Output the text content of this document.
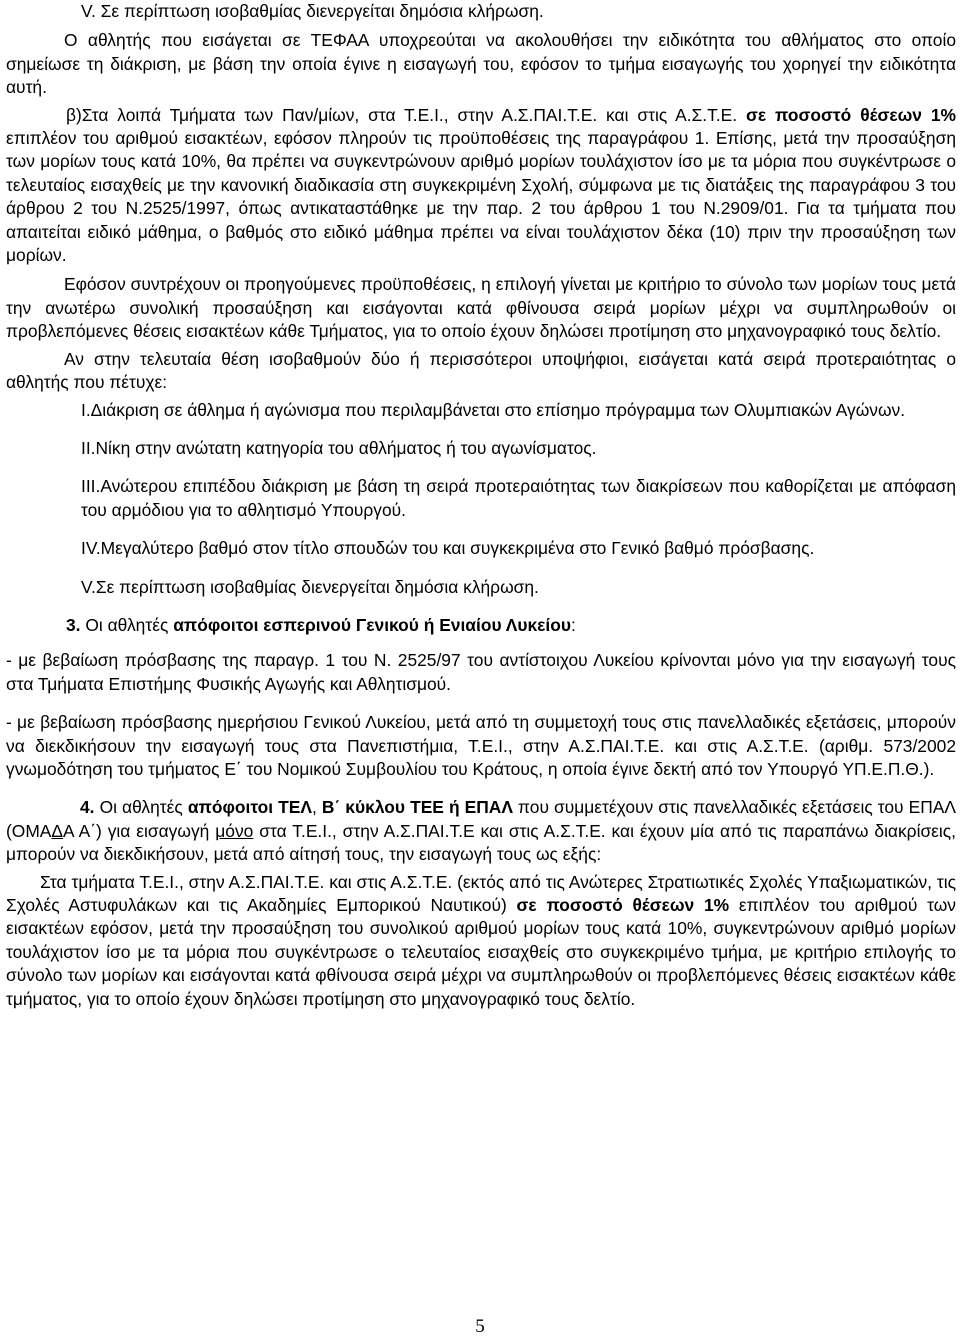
V. Σε περίπτωση ισοβαθμίας διενεργείται δημόσια κλήρωση.

Ο αθλητής που εισάγεται σε ΤΕΦΑΑ υποχρεούται να ακολουθήσει την ειδικότητα του αθλήματος στο οποίο σημείωσε τη διάκριση, με βάση την οποία έγινε η εισαγωγή του, εφόσον το τμήμα εισαγωγής του χορηγεί την ειδικότητα αυτή.

β)Στα λοιπά Τμήματα των Παν/μίων, στα Τ.Ε.Ι., στην Α.Σ.ΠΑΙ.Τ.Ε. και στις Α.Σ.Τ.Ε. σε ποσοστό θέσεων 1% επιπλέον του αριθμού εισακτέων, εφόσον πληρούν τις προϋποθέσεις της παραγράφου 1. Επίσης, μετά την προσαύξηση των μορίων τους κατά 10%, θα πρέπει να συγκεντρώνουν αριθμό μορίων τουλάχιστον ίσο με τα μόρια που συγκέντρωσε ο τελευταίος εισαχθείς με την κανονική διαδικασία στη συγκεκριμένη Σχολή, σύμφωνα με τις διατάξεις της παραγράφου 3 του άρθρου 2 του Ν.2525/1997, όπως αντικαταστάθηκε με την παρ. 2 του άρθρου 1 του Ν.2909/01. Για τα τμήματα που απαιτείται ειδικό μάθημα, ο βαθμός στο ειδικό μάθημα πρέπει να είναι τουλάχιστον δέκα (10) πριν την προσαύξηση των μορίων.

Εφόσον συντρέχουν οι προηγούμενες προϋποθέσεις, η επιλογή γίνεται με κριτήριο το σύνολο των μορίων τους μετά την ανωτέρω συνολική προσαύξηση και εισάγονται κατά φθίνουσα σειρά μορίων μέχρι να συμπληρωθούν οι προβλεπόμενες θέσεις εισακτέων κάθε Τμήματος, για το οποίο έχουν δηλώσει προτίμηση στο μηχανογραφικό τους δελτίο.

Αν στην τελευταία θέση ισοβαθμούν δύο ή περισσότεροι υποψήφιοι, εισάγεται κατά σειρά προτεραιότητας ο αθλητής που πέτυχε:

I.Διάκριση σε άθλημα ή αγώνισμα που περιλαμβάνεται στο επίσημο πρόγραμμα των Ολυμπιακών Αγώνων.

II.Νίκη στην ανώτατη κατηγορία του αθλήματος ή του αγωνίσματος.

III.Ανώτερου επιπέδου διάκριση με βάση τη σειρά προτεραιότητας των διακρίσεων που καθορίζεται με απόφαση του αρμόδιου για το αθλητισμό Υπουργού.

IV.Μεγαλύτερο βαθμό στον τίτλο σπουδών του και συγκεκριμένα στο Γενικό βαθμό πρόσβασης.

V.Σε περίπτωση ισοβαθμίας διενεργείται δημόσια κλήρωση.

3. Οι αθλητές απόφοιτοι εσπερινού Γενικού ή Ενιαίου Λυκείου:

- με βεβαίωση πρόσβασης της παραγρ. 1 του Ν. 2525/97 του αντίστοιχου Λυκείου κρίνονται μόνο για την εισαγωγή τους στα Τμήματα Επιστήμης Φυσικής Αγωγής και Αθλητισμού.

- με βεβαίωση πρόσβασης ημερήσιου Γενικού Λυκείου, μετά από τη συμμετοχή τους στις πανελλαδικές εξετάσεις, μπορούν να διεκδικήσουν την εισαγωγή τους στα Πανεπιστήμια, Τ.Ε.Ι., στην Α.Σ.ΠΑΙ.Τ.Ε. και στις Α.Σ.Τ.Ε. (αριθμ. 573/2002 γνωμοδότηση του τμήματος Ε΄ του Νομικού Συμβουλίου του Κράτους, η οποία έγινε δεκτή από τον Υπουργό ΥΠ.Ε.Π.Θ.).

4. Οι αθλητές απόφοιτοι ΤΕΛ, Β΄ κύκλου ΤΕΕ ή ΕΠΑΛ που συμμετέχουν στις πανελλαδικές εξετάσεις του ΕΠΑΛ (ΟΜΑΔΑ Α΄) για εισαγωγή μόνο στα Τ.Ε.Ι., στην Α.Σ.ΠΑΙ.Τ.Ε και στις Α.Σ.Τ.Ε. και έχουν μία από τις παραπάνω διακρίσεις, μπορούν να διεκδικήσουν, μετά από αίτησή τους, την εισαγωγή τους ως εξής:

Στα τμήματα Τ.Ε.Ι., στην Α.Σ.ΠΑΙ.Τ.Ε. και στις Α.Σ.Τ.Ε. (εκτός από τις Ανώτερες Στρατιωτικές Σχολές Υπαξιωματικών, τις Σχολές Αστυφυλάκων και τις Ακαδημίες Εμπορικού Ναυτικού) σε ποσοστό θέσεων 1% επιπλέον του αριθμού των εισακτέων εφόσον, μετά την προσαύξηση του συνολικού αριθμού μορίων τους κατά 10%, συγκεντρώνουν αριθμό μορίων τουλάχιστον ίσο με τα μόρια που συγκέντρωσε ο τελευταίος εισαχθείς στο συγκεκριμένο τμήμα, με κριτήριο επιλογής το σύνολο των μορίων και εισάγονται κατά φθίνουσα σειρά μέχρι να συμπληρωθούν οι προβλεπόμενες θέσεις εισακτέων κάθε τμήματος, για το οποίο έχουν δηλώσει προτίμηση στο μηχανογραφικό τους δελτίο.

5
